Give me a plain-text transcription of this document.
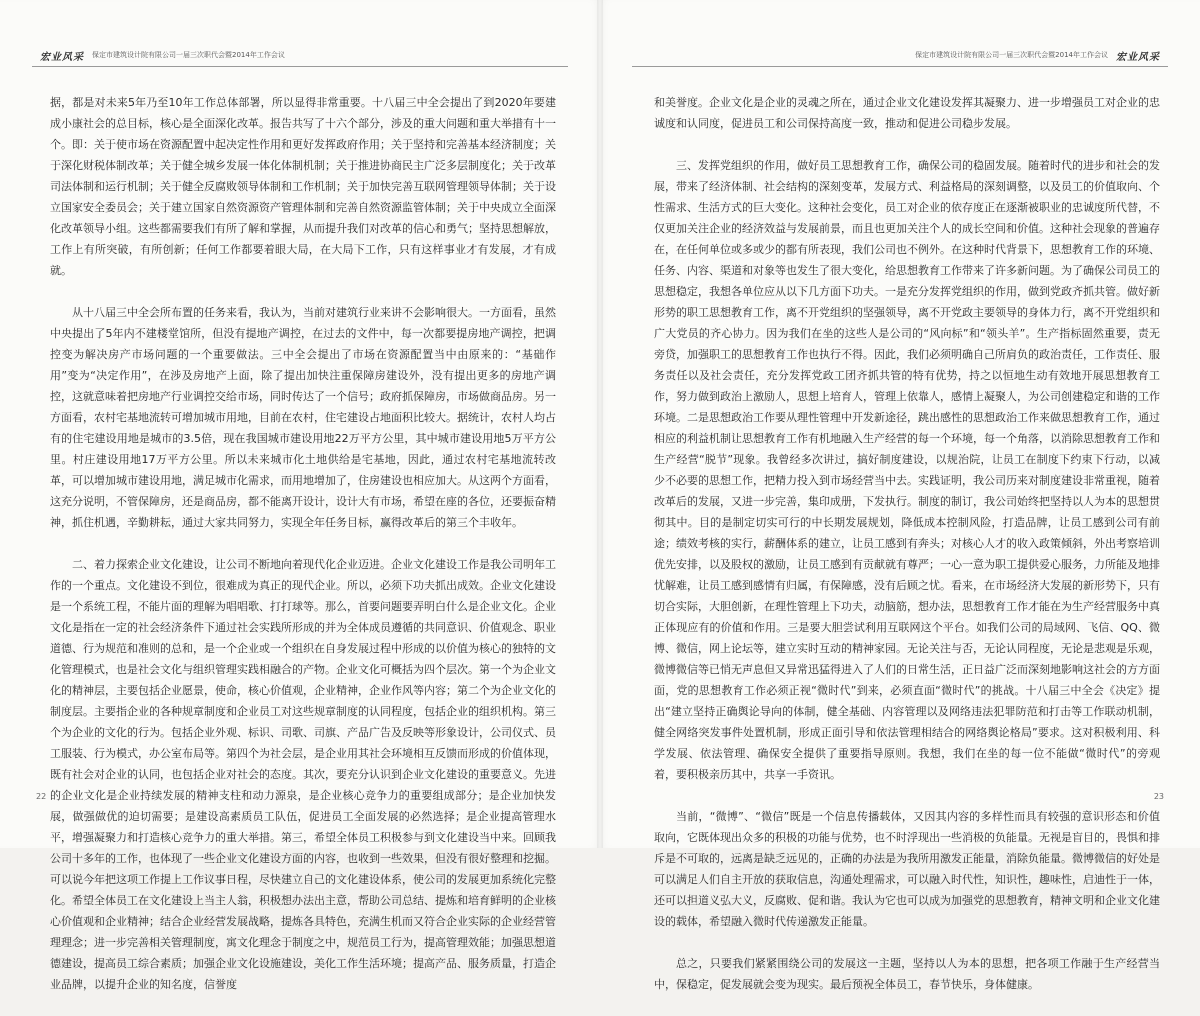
宏业风采 保定市建筑设计院有限公司一届三次职代会暨2014年工作会议

据，都是对未来5年乃至10年工作总体部署，所以显得非常重要。十八届三中全会提出了到2020年要建成小康社会的总目标，核心是全面深化改革。报告共写了十六个部分，涉及的重大问题和重大举措有十一个。即：关于使市场在资源配置中起决定性作用和更好发挥政府作用；关于坚持和完善基本经济制度；关于深化财税体制改革；关于健全城乡发展一体化体制机制；关于推进协商民主广泛多层制度化；关于改革司法体制和运行机制；关于健全反腐败领导体制和工作机制；关于加快完善互联网管理领导体制；关于设立国家安全委员会；关于建立国家自然资源资产管理体制和完善自然资源监管体制；关于中央成立全面深化改革领导小组。这些都需要我们有所了解和掌握，从而提升我们对改革的信心和勇气；坚持思想解放，工作上有所突破，有所创新；任何工作都要着眼大局，在大局下工作，只有这样事业才有发展，才有成就。

从十八届三中全会所布置的任务来看，我认为，当前对建筑行业来讲不会影响很大。一方面看，虽然中央提出了5年内不建楼堂馆所，但没有提地产调控，在过去的文件中，每一次都要提房地产调控，把调控变为解决房产市场问题的一个重要做法。三中全会提出了市场在资源配置当中由原来的：“基础作用”变为“决定作用”，在涉及房地产上面，除了提出加快注重保障房建设外，没有提出更多的房地产调控，这就意味着把房地产行业调控交给市场，同时传达了一个信号；政府抓保障房，市场做商品房。另一方面看，农村宅基地流转可增加城市用地，目前在农村，住宅建设占地面积比较大。据统计，农村人均占有的住宅建设用地是城市的3.5倍，现在我国城市建设用地22万平方公里，其中城市建设用地5万平方公里。村庄建设用地17万平方公里。所以未来城市化土地供给是宅基地，因此，通过农村宅基地流转改革，可以增加城市建设用地，满足城市化需求，而用地增加了，住房建设也相应加大。从这两个方面看，这充分说明，不管保障房，还是商品房，都不能离开设计，设计大有市场，希望在座的各位，还要振奋精神，抓住机遇，辛勤耕耘，通过大家共同努力，实现全年任务目标，赢得改革后的第三个丰收年。

二、着力探索企业文化建设，让公司不断地向着现代化企业迈进。企业文化建设工作是我公司明年工作的一个重点。文化建设不到位，很难成为真正的现代企业。所以，必须下功夫抓出成效。企业文化建设是一个系统工程，不能片面的理解为唱唱歌、打打球等。那么，首要问题要弄明白什么是企业文化。企业文化是指在一定的社会经济条件下通过社会实践所形成的并为全体成员遵循的共同意识、价值观念、职业道德、行为规范和准则的总和，是一个企业或一个组织在自身发展过程中形成的以价值为核心的独特的文化管理模式，也是社会文化与组织管理实践相融合的产物。企业文化可概括为四个层次。第一个为企业文化的精神层，主要包括企业愿景，使命，核心价值观，企业精神，企业作风等内容；第二个为企业文化的制度层。主要指企业的各种规章制度和企业员工对这些规章制度的认同程度，包括企业的组织机构。第三个为企业的文化的行为。包括企业外观、标识、司歌、司旗、产品广告及反映等形象设计，公司仪式、员工服装、行为模式，办公室布局等。第四个为社会层，是企业用其社会环境相互反馈而形成的价值体现，既有社会对企业的认同，也包括企业对社会的态度。其次，要充分认识到企业文化建设的重要意义。先进的企业文化是企业持续发展的精神支柱和动力源泉，是企业核心竞争力的重要组成部分；是企业加快发展，做强做优的迫切需要；是建设高素质员工队伍，促进员工全面发展的必然选择；是企业提高管理水平，增强凝聚力和打造核心竞争力的重大举措。第三，希望全体员工积极参与到文化建设当中来。回顾我公司十多年的工作，也体现了一些企业文化建设方面的内容，也收到一些效果，但没有很好整理和挖掘。可以说今年把这项工作提上工作议事日程，尽快建立自己的文化建设体系，使公司的发展更加系统化完整化。希望全体员工在文化建设上当主人翁，积极想办法出主意，帮助公司总结、提炼和培育鲜明的企业核心价值观和企业精神；结合企业经营发展战略，提炼各具特色，充满生机而又符合企业实际的企业经营管理理念；进一步完善相关管理制度，寓文化理念于制度之中，规范员工行为，提高管理效能；加强思想道德建设，提高员工综合素质；加强企业文化设施建设，美化工作生活环境；提高产品、服务质量，打造企业品牌，以提升企业的知名度，信誉度

22
保定市建筑设计院有限公司一届三次职代会暨2014年工作会议 宏业风采

和美誉度。企业文化是企业的灵魂之所在，通过企业文化建设发挥其凝聚力、进一步增强员工对企业的忠诚度和认同度，促进员工和公司保持高度一致，推动和促进公司稳步发展。

三、发挥党组织的作用，做好员工思想教育工作，确保公司的稳固发展。随着时代的进步和社会的发展，带来了经济体制、社会结构的深刻变革，发展方式、利益格局的深刻调整，以及员工的价值取向、个性需求、生活方式的巨大变化。这种社会变化，员工对企业的依存度正在逐渐被职业的忠诚度所代替，不仅更加关注企业的经济效益与发展前景，而且也更加关注个人的成长空间和价值。这种社会现象的普遍存在，在任何单位或多或少的都有所表现，我们公司也不例外。在这种时代背景下，思想教育工作的环境、任务、内容、渠道和对象等也发生了很大变化，给思想教育工作带来了许多新问题。为了确保公司员工的思想稳定，我想各单位应从以下几方面下功夫。一是充分发挥党组织的作用，做到党政齐抓共管。做好新形势的职工思想教育工作，离不开党组织的坚强领导，离不开党政主要领导的身体力行，离不开党组织和广大党员的齐心协力。因为我们在坐的这些人是公司的“风向标”和“领头羊”。生产指标固然重要，责无旁贷，加强职工的思想教育工作也执行不得。因此，我们必须明确自己所肩负的政治责任，工作责任、服务责任以及社会责任，充分发挥党政工团齐抓共管的特有优势，持之以恒地生动有效地开展思想教育工作，努力做到政治上激励人，思想上培育人，管理上依靠人，感情上凝聚人，为公司创建稳定和谐的工作环境。二是思想政治工作要从理性管理中开发新途径，跳出感性的思想政治工作来做思想教育工作，通过相应的利益机制让思想教育工作有机地融入生产经营的每一个环境，每一个角落，以消除思想教育工作和生产经营“脱节”现象。我曾经多次讲过，搞好制度建设，以规治院，让员工在制度下约束下行动，以减少不必要的思想工作，把精力投入到市场经营当中去。实践证明，我公司历来对制度建设非常重视，随着改革后的发展，又进一步完善，集印成册，下发执行。制度的制订，我公司始终把坚持以人为本的思想贯彻其中。目的是制定切实可行的中长期发展规划，降低成本控制风险，打造品牌，让员工感到公司有前途；绩效考核的实行，薪酬体系的建立，让员工感到有奔头；对核心人才的收入政策倾斜，外出考察培训优先安排，以及股权的激励，让员工感到有贡献就有尊严；一心一意为职工提供爱心服务，力所能及地排忧解难，让员工感到感情有归属，有保障感，没有后顾之忧。看来，在市场经济大发展的新形势下，只有切合实际，大胆创新，在理性管理上下功夫，动脑筋，想办法，思想教育工作才能在为生产经营服务中真正体现应有的价值和作用。三是要大胆尝试利用互联网这个平台。如我们公司的局域网、飞信、QQ、微博、微信，网上论坛等，建立实时互动的精神家园。无论关注与否，无论认同程度，无论是悲观是乐观，微博微信等已悄无声息但又异常迅猛得进入了人们的日常生活，正日益广泛而深刻地影响这社会的方方面面，党的思想教育工作必须正视“微时代”到来，必须直面“微时代”的挑战。十八届三中全会《决定》提出“建立坚持正确舆论导向的体制，健全基础、内容管理以及网络违法犯罪防范和打击等工作联动机制，健全网络突发事件处置机制，形成正面引导和依法管理相结合的网络舆论格局”要求。这对积极利用、科学发展、依法管理、确保安全提供了重要指导原则。我想，我们在坐的每一位不能做“微时代”的旁观着，要积极亲历其中，共享一手资讯。

当前，“微博”、“微信”既是一个信息传播载体，又因其内容的多样性而具有较强的意识形态和价值取向，它既体现出众多的积极的功能与优势，也不时浮现出一些消极的负能量。无视是盲目的，畏惧和排斥是不可取的，远离是缺乏远见的，正确的办法是为我所用激发正能量，消除负能量。微博微信的好处是可以满足人们自主开放的获取信息，沟通处理需求，可以融入时代性，知识性，趣味性，启迪性于一体，还可以担道义弘大义，反腐败、促和谐。我认为它也可以成为加强党的思想教育，精神文明和企业文化建设的载体，希望融入微时代传递激发正能量。

总之，只要我们紧紧围绕公司的发展这一主题，坚持以人为本的思想，把各项工作融于生产经营当中，保稳定，促发展就会变为现实。最后预祝全体员工，春节快乐，身体健康。

23
